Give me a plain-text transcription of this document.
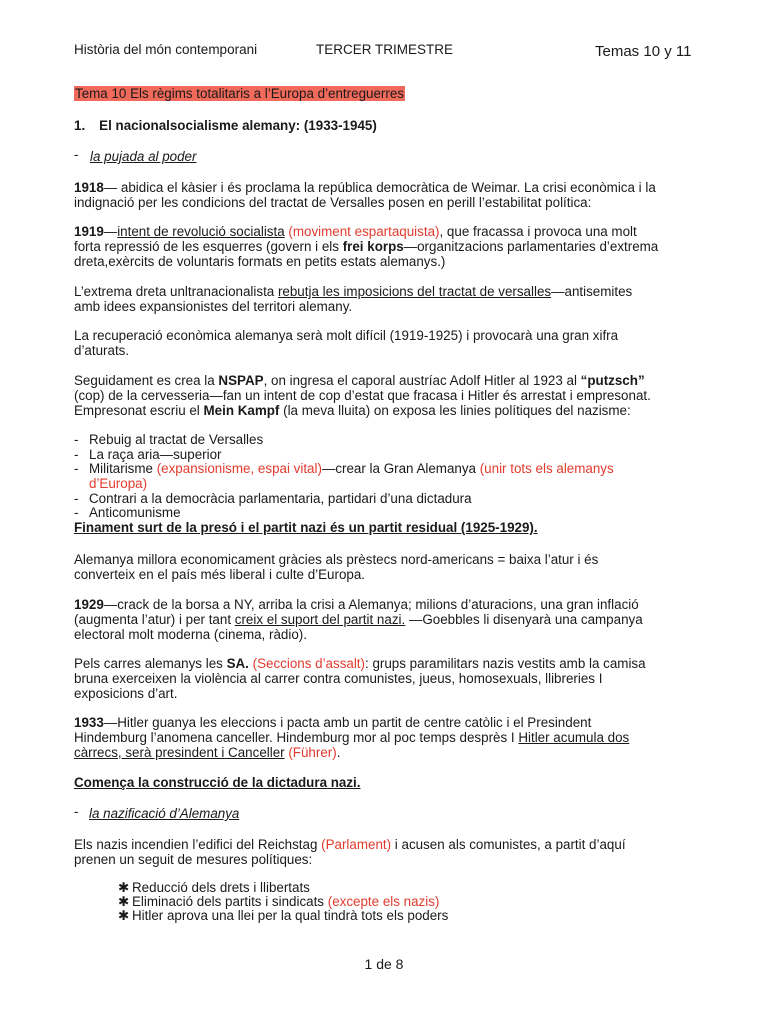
Història del món contemporani	TERCER TRIMESTRE	Temas 10 y 11
Tema 10 Els règims totalitaris a l’Europa d’entreguerres
1. El nacionalsocialisme alemany: (1933-1945)
- la pujada al poder

1918— abidica el kàsier i és proclama la república democràtica de Weimar. La crisi econòmica i la

indignació per les condicions del tractat de Versalles posen en perill l’estabilitat política:

1919—intent de revolució socialista (moviment espartaquista), que fracassa i provoca una molt

forta repressió de les esquerres (govern i els frei korps—organitzacions parlamentaries d’extrema

dreta,exèrcits de voluntaris formats en petits estats alemanys.)

L’extrema dreta unltranacionalista rebutja les imposicions del tractat de versalles—antisemites

amb idees expansionistes del territori alemany.

La recuperació econòmica alemanya serà molt difícil (1919-1925) i provocarà una gran xifra

d’aturats.

Seguidament es crea la NSPAP, on ingresa el caporal austríac Adolf Hitler al 1923 al “putzsch”

(cop) de la cervesseria—fan un intent de cop d’estat que fracasa i Hitler és arrestat i empresonat.

Empresonat escriu el Mein Kampf (la meva lluita) on exposa les linies polítiques del nazisme:

- Rebuig al tractat de Versalles
- La raça aria—superior
- Militarisme (expansionisme, espai vital)—crear la Gran Alemanya (unir tots els alemanys
d’Europa)
- Contrari a la democràcia parlamentaria, partidari d’una dictadura
- Anticomunisme
Finament surt de la presó i el partit nazi és un partit residual (1925-1929).

Alemanya millora economicament gràcies als prèstecs nord-americans = baixa l’atur i és

converteix en el país més liberal i culte d’Europa.

1929—crack de la borsa a NY, arriba la crisi a Alemanya; milions d’aturacions, una gran inflació

(augmenta l’atur) i per tant creix el suport del partit nazi. —Goebbles li disenyarà una campanya

electoral molt moderna (cinema, ràdio).

Pels carres alemanys les SA. (Seccions d’assalt): grups paramilitars nazis vestits amb la camisa

bruna exerceixen la violència al carrer contra comunistes, jueus, homosexuals, llibreries I

exposicions d’art.

1933—Hitler guanya les eleccions i pacta amb un partit de centre catòlic i el Presindent

Hindemburg l’anomena canceller. Hindemburg mor al poc temps desprès I Hitler acumula dos

càrrecs, serà presindent i Canceller (Führer).

Comença la construcció de la dictadura nazi.
- la nazificació d’Alemanya

Els nazis incendien l’edifici del Reichstag (Parlament) i acusen als comunistes, a partit d’aquí

prenen un seguit de mesures polítiques:

✱ Reducció dels drets i llibertats
✱ Eliminació dels partits i sindicats (excepte els nazis)
✱ Hitler aprova una llei per la qual tindrà tots els poders
1 de 8
